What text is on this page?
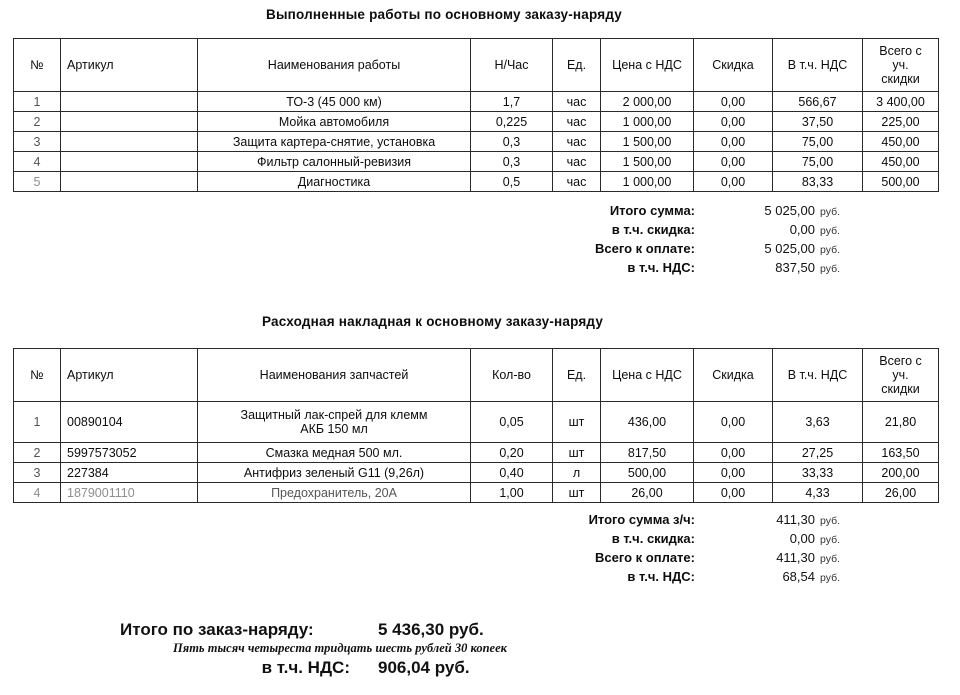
Выполненные работы по основному заказу-наряду
№	Артикул	Наименования работы	Н/Час	Ед.	Цена с НДС	Скидка	В т.ч. НДС	Всего с
уч.
скидки
1		ТО-3 (45 000 км)	1,7	час	2 000,00	0,00	566,67	3 400,00
2		Мойка автомобиля	0,225	час	1 000,00	0,00	37,50	225,00
3		Защита картера-снятие, установка	0,3	час	1 500,00	0,00	75,00	450,00
4		Фильтр салонный-ревизия	0,3	час	1 500,00	0,00	75,00	450,00
5		Диагностика	0,5	час	1 000,00	0,00	83,33	500,00
Итого сумма:	5 025,00 руб.
в т.ч. скидка:	0,00 руб.
Всего к оплате:	5 025,00 руб.
в т.ч. НДС:	837,50 руб.
Расходная накладная к основному заказу-наряду
№	Артикул	Наименования запчастей	Кол-во	Ед.	Цена с НДС	Скидка	В т.ч. НДС	Всего с
уч.
скидки
1	00890104	Защитный лак-спрей для клемм
АКБ 150 мл	0,05	шт	436,00	0,00	3,63	21,80
2	5997573052	Смазка медная 500 мл.	0,20	шт	817,50	0,00	27,25	163,50
3	227384	Антифриз зеленый G11 (9,26л)	0,40	л	500,00	0,00	33,33	200,00
4	1879001110	Предохранитель, 20А	1,00	шт	26,00	0,00	4,33	26,00
Итого сумма з/ч:	411,30 руб.
в т.ч. скидка:	0,00 руб.
Всего к оплате:	411,30 руб.
в т.ч. НДС:	68,54 руб.
Итого по заказ-наряду:	5 436,30 руб.
Пять тысяч четыреста тридцать шесть рублей 30 копеек
в т.ч. НДС:	906,04 руб.
